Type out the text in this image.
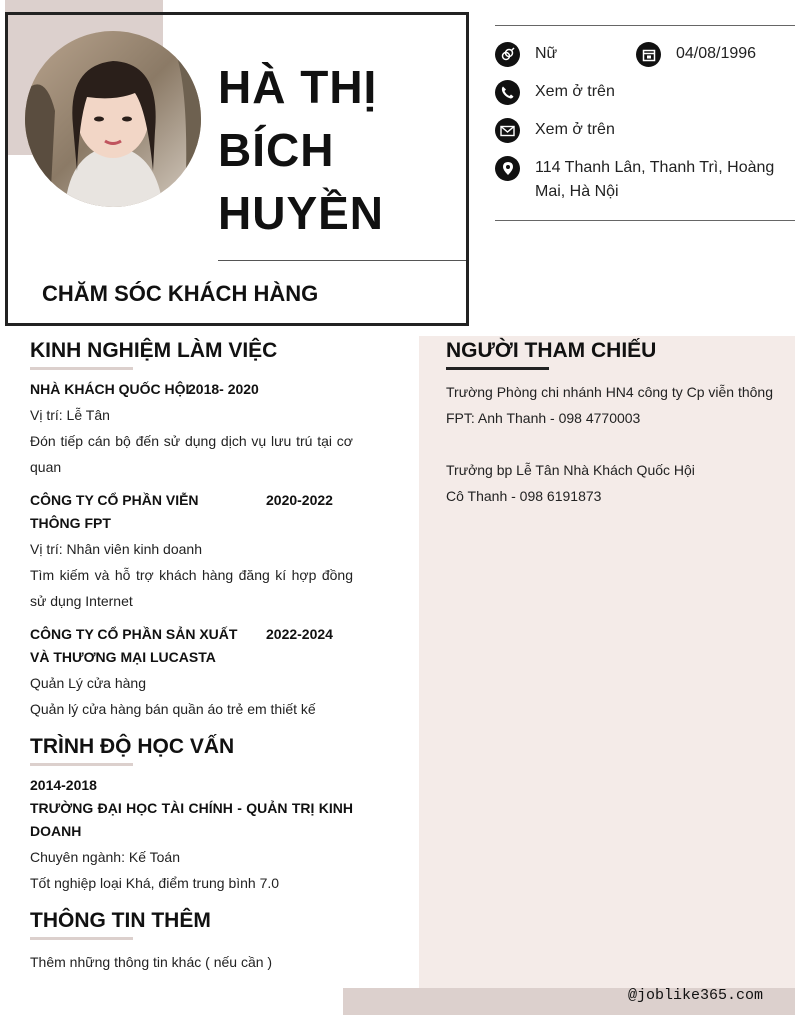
HÀ THỊ
BÍCH
HUYỀN
CHĂM SÓC KHÁCH HÀNG
Nữ	04/08/1996
Xem ở trên
Xem ở trên
114 Thanh Lân, Thanh Trì, Hoàng Mai, Hà Nội
KINH NGHIỆM LÀM VIỆC
NHÀ KHÁCH QUỐC HỘI
2018- 2020
Vị trí: Lễ Tân
Đón tiếp cán bộ đến sử dụng dịch vụ lưu trú tại cơ quan
CÔNG TY CỔ PHẦN VIỄN THÔNG FPT
2020-2022
Vị trí: Nhân viên kinh doanh
Tìm kiếm và hỗ trợ khách hàng đăng kí hợp đồng sử dụng Internet
CÔNG TY CỔ PHẦN SẢN XUẤT VÀ THƯƠNG MẠI LUCASTA
2022-2024
Quản Lý cửa hàng
Quản lý cửa hàng bán quần áo trẻ em thiết kế
TRÌNH ĐỘ HỌC VẤN
2014-2018
TRƯỜNG ĐẠI HỌC TÀI CHÍNH - QUẢN TRỊ KINH DOANH
Chuyên ngành: Kế Toán
Tốt nghiệp loại Khá, điểm trung bình 7.0
THÔNG TIN THÊM
Thêm những thông tin khác ( nếu cần )
NGƯỜI THAM CHIẾU
Trường Phòng chi nhánh HN4 công ty Cp viễn thông
FPT: Anh Thanh - 098 4770003
Trưởng bp Lễ Tân Nhà Khách Quốc Hội
Cô Thanh - 098 6191873
@joblike365.com
